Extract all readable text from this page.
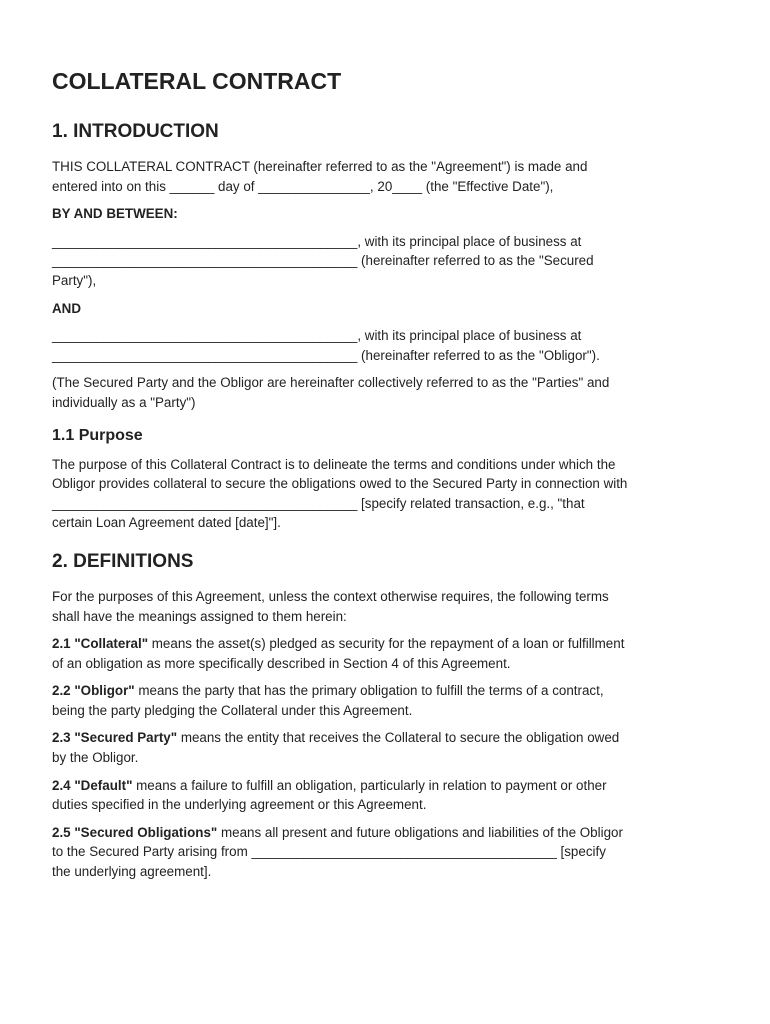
COLLATERAL CONTRACT
1. INTRODUCTION

THIS COLLATERAL CONTRACT (hereinafter referred to as the "Agreement") is made and
entered into on this ______ day of _______________, 20____ (the "Effective Date"),

BY AND BETWEEN:

_________________________________________, with its principal place of business at
_________________________________________ (hereinafter referred to as the "Secured
Party"),

AND

_________________________________________, with its principal place of business at
_________________________________________ (hereinafter referred to as the "Obligor").

(The Secured Party and the Obligor are hereinafter collectively referred to as the "Parties" and
individually as a "Party")

1.1 Purpose

The purpose of this Collateral Contract is to delineate the terms and conditions under which the
Obligor provides collateral to secure the obligations owed to the Secured Party in connection with
_________________________________________ [specify related transaction, e.g., "that
certain Loan Agreement dated [date]"].

2. DEFINITIONS

For the purposes of this Agreement, unless the context otherwise requires, the following terms
shall have the meanings assigned to them herein:

2.1 "Collateral" means the asset(s) pledged as security for the repayment of a loan or fulfillment
of an obligation as more specifically described in Section 4 of this Agreement.

2.2 "Obligor" means the party that has the primary obligation to fulfill the terms of a contract,
being the party pledging the Collateral under this Agreement.

2.3 "Secured Party" means the entity that receives the Collateral to secure the obligation owed
by the Obligor.

2.4 "Default" means a failure to fulfill an obligation, particularly in relation to payment or other
duties specified in the underlying agreement or this Agreement.

2.5 "Secured Obligations" means all present and future obligations and liabilities of the Obligor
to the Secured Party arising from _________________________________________ [specify
the underlying agreement].
